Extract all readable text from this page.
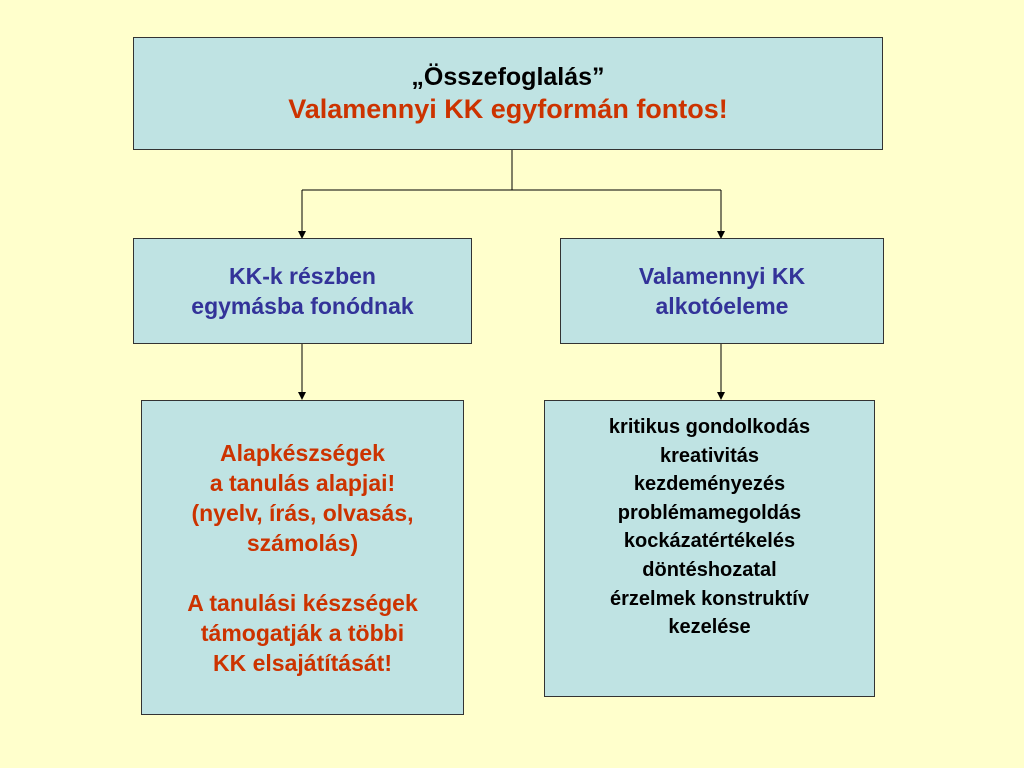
„Összefoglalás”
Valamennyi KK egyformán fontos!
KK-k részben
egymásba fonódnak
Valamennyi KK
alkotóeleme
Alapkészségek
a tanulás alapjai!
(nyelv, írás, olvasás,
számolás)
A tanulási készségek
támogatják a többi
KK elsajátítását!
kritikus gondolkodás
kreativitás
kezdeményezés
problémamegoldás
kockázatértékelés
döntéshozatal
érzelmek konstruktív
kezelése
